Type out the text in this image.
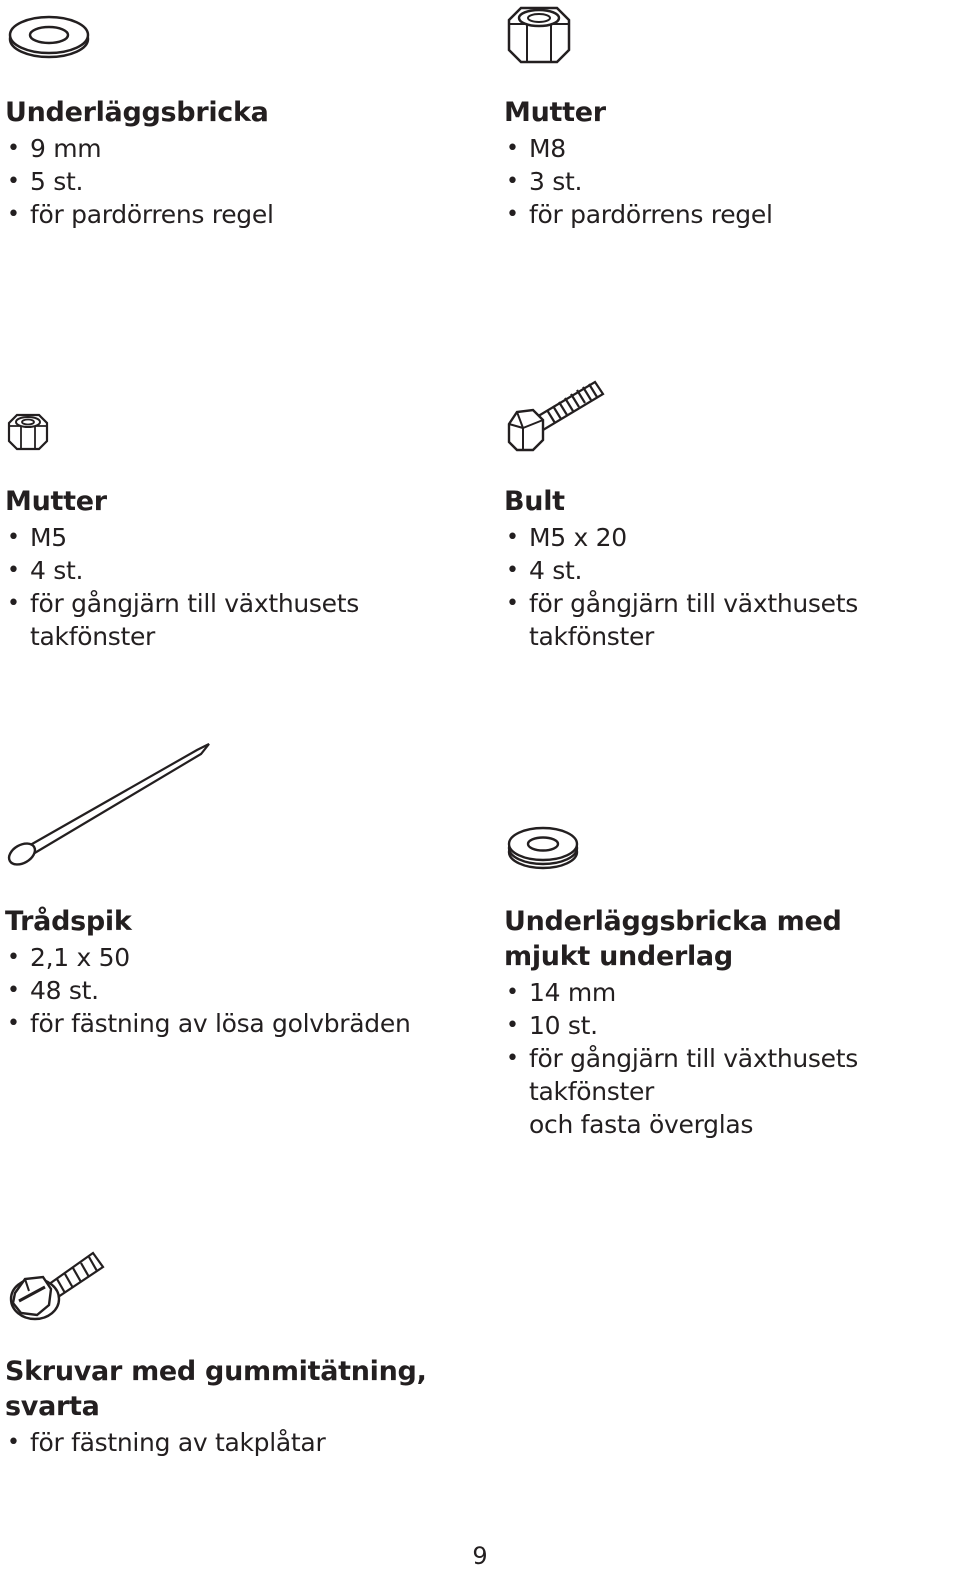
Underläggsbricka

• 9 mm
• 5 st.
• för pardörrens regel

Mutter

• M8
• 3 st.
• för pardörrens regel

Mutter

• M5
• 4 st.
• för gångjärn till växthusets takfönster

Bult

• M5 x 20
• 4 st.
• för gångjärn till växthusets takfönster

Trådspik

• 2,1 x 50
• 48 st.
• för fästning av lösa golvbräden

Underläggsbricka med

mjukt underlag

• 14 mm
• 10 st.
• för gångjärn till växthusets takfönster
och fasta överglas

Skruvar med gummitätning,

svarta

• för fästning av takplåtar
9
